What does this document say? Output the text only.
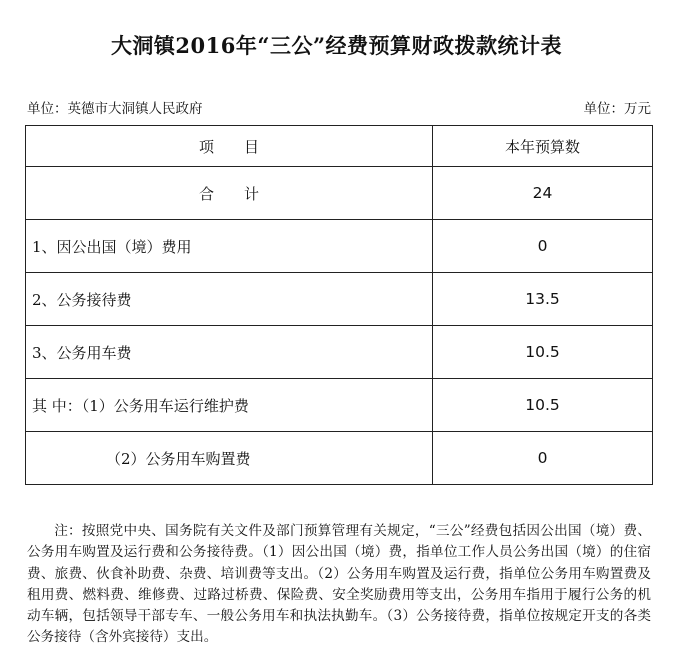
大洞镇2016年“三公”经费预算财政拨款统计表
单位：英德市大洞镇人民政府	单位：万元
项　　目	本年预算数
合　　计	24
1、因公出国（境）费用	0
2、公务接待费	13.5
3、公务用车费	10.5
其 中：（1）公务用车运行维护费	10.5
（2）公务用车购置费	0
注：按照党中央、国务院有关文件及部门预算管理有关规定，“三公”经费包括因公出国（境）费、公务用车购置及运行费和公务接待费。（1）因公出国（境）费，指单位工作人员公务出国（境）的住宿费、旅费、伙食补助费、杂费、培训费等支出。（2）公务用车购置及运行费，指单位公务用车购置费及租用费、燃料费、维修费、过路过桥费、保险费、安全奖励费用等支出，公务用车指用于履行公务的机动车辆，包括领导干部专车、一般公务用车和执法执勤车。（3）公务接待费，指单位按规定开支的各类公务接待（含外宾接待）支出。
